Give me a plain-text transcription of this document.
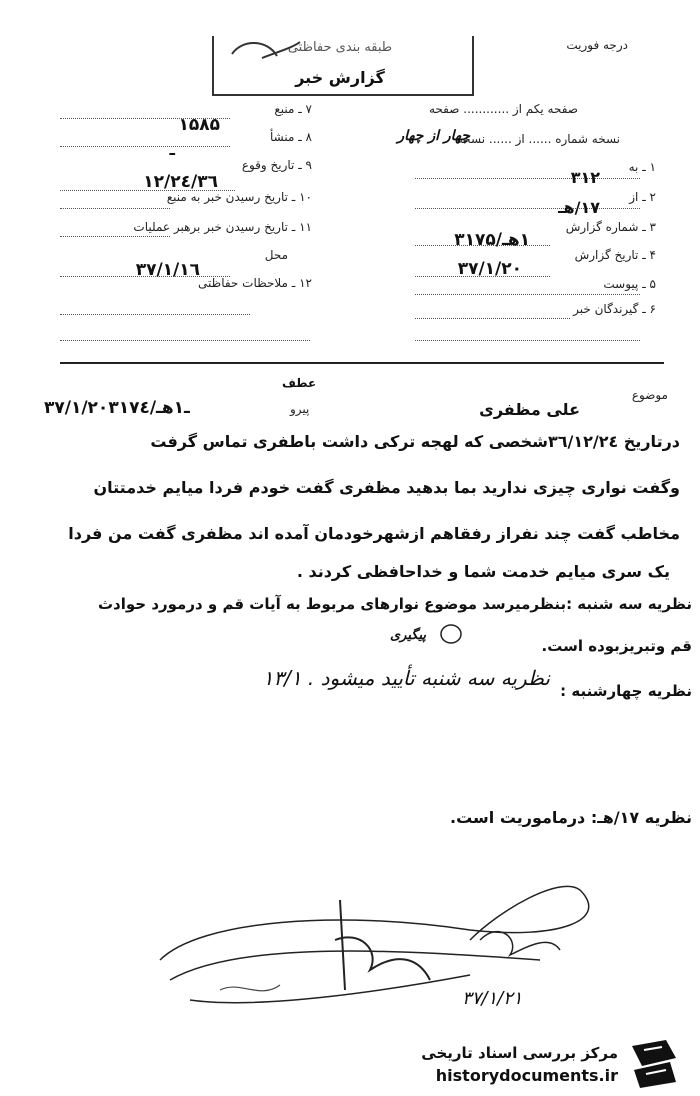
درجه فوریت
طبقه بندی حفاظتی
گزارش خبر
صفحه یکم از ............ صفحه
نسخه شماره ...... از ...... نسخه
چهار از چهار
۱ ـ به
۳۱۲
۲ ـ از
۱۷/هـ
۳ ـ شماره گزارش
۱هـ/۳۱۷۵
۴ ـ تاریخ گزارش
۳۷/۱/۲۰
۵ ـ پیوست
۶ ـ گیرندگان خبر
۷ ـ منبع
۱۵۸۵
۸ ـ منشأ
ـ
۹ ـ تاریخ وقوع
۳٦/۱۲/۲٤
۱۰ ـ تاریخ رسیدن خبر به منبع
۱۱ ـ تاریخ رسیدن خبر برهبر عملیات
محل
۳۷/۱/۱٦
۱۲ ـ ملاحظات حفاظتی
موضوع
علی مظفری
عطف
پیرو
۳۷/۱/۲۰ـ۱هـ/۳۱۷٤
درتاریخ ۳٦/۱۲/۲٤شخصی که لهجه ترکی داشت باطفری تماس گرفت
وگفت نواری چیزی ندارید بما بدهید مظفری گفت خودم فردا میایم خدمتتان
مخاطب گفت چند نفراز رفقاهم ازشهرخودمان آمده اند مظفری گفت من فردا
یک سری میایم خدمت شما و خداحافظی کردند .
نظریه سه شنبه :بنظرمیرسد موضوع نوارهای مربوط به آیات قم و درمورد حوادث
قم وتبریزبوده است.
پیگیری
نظریه چهارشنبه :
نظریه سه شنبه تأیید میشود . ۱۳/۱
نظریه ۱۷/هـ: درماموریت است.
۳۷/۱/۲۱
مرکز بررسی اسناد تاریخی
historydocuments.ir
